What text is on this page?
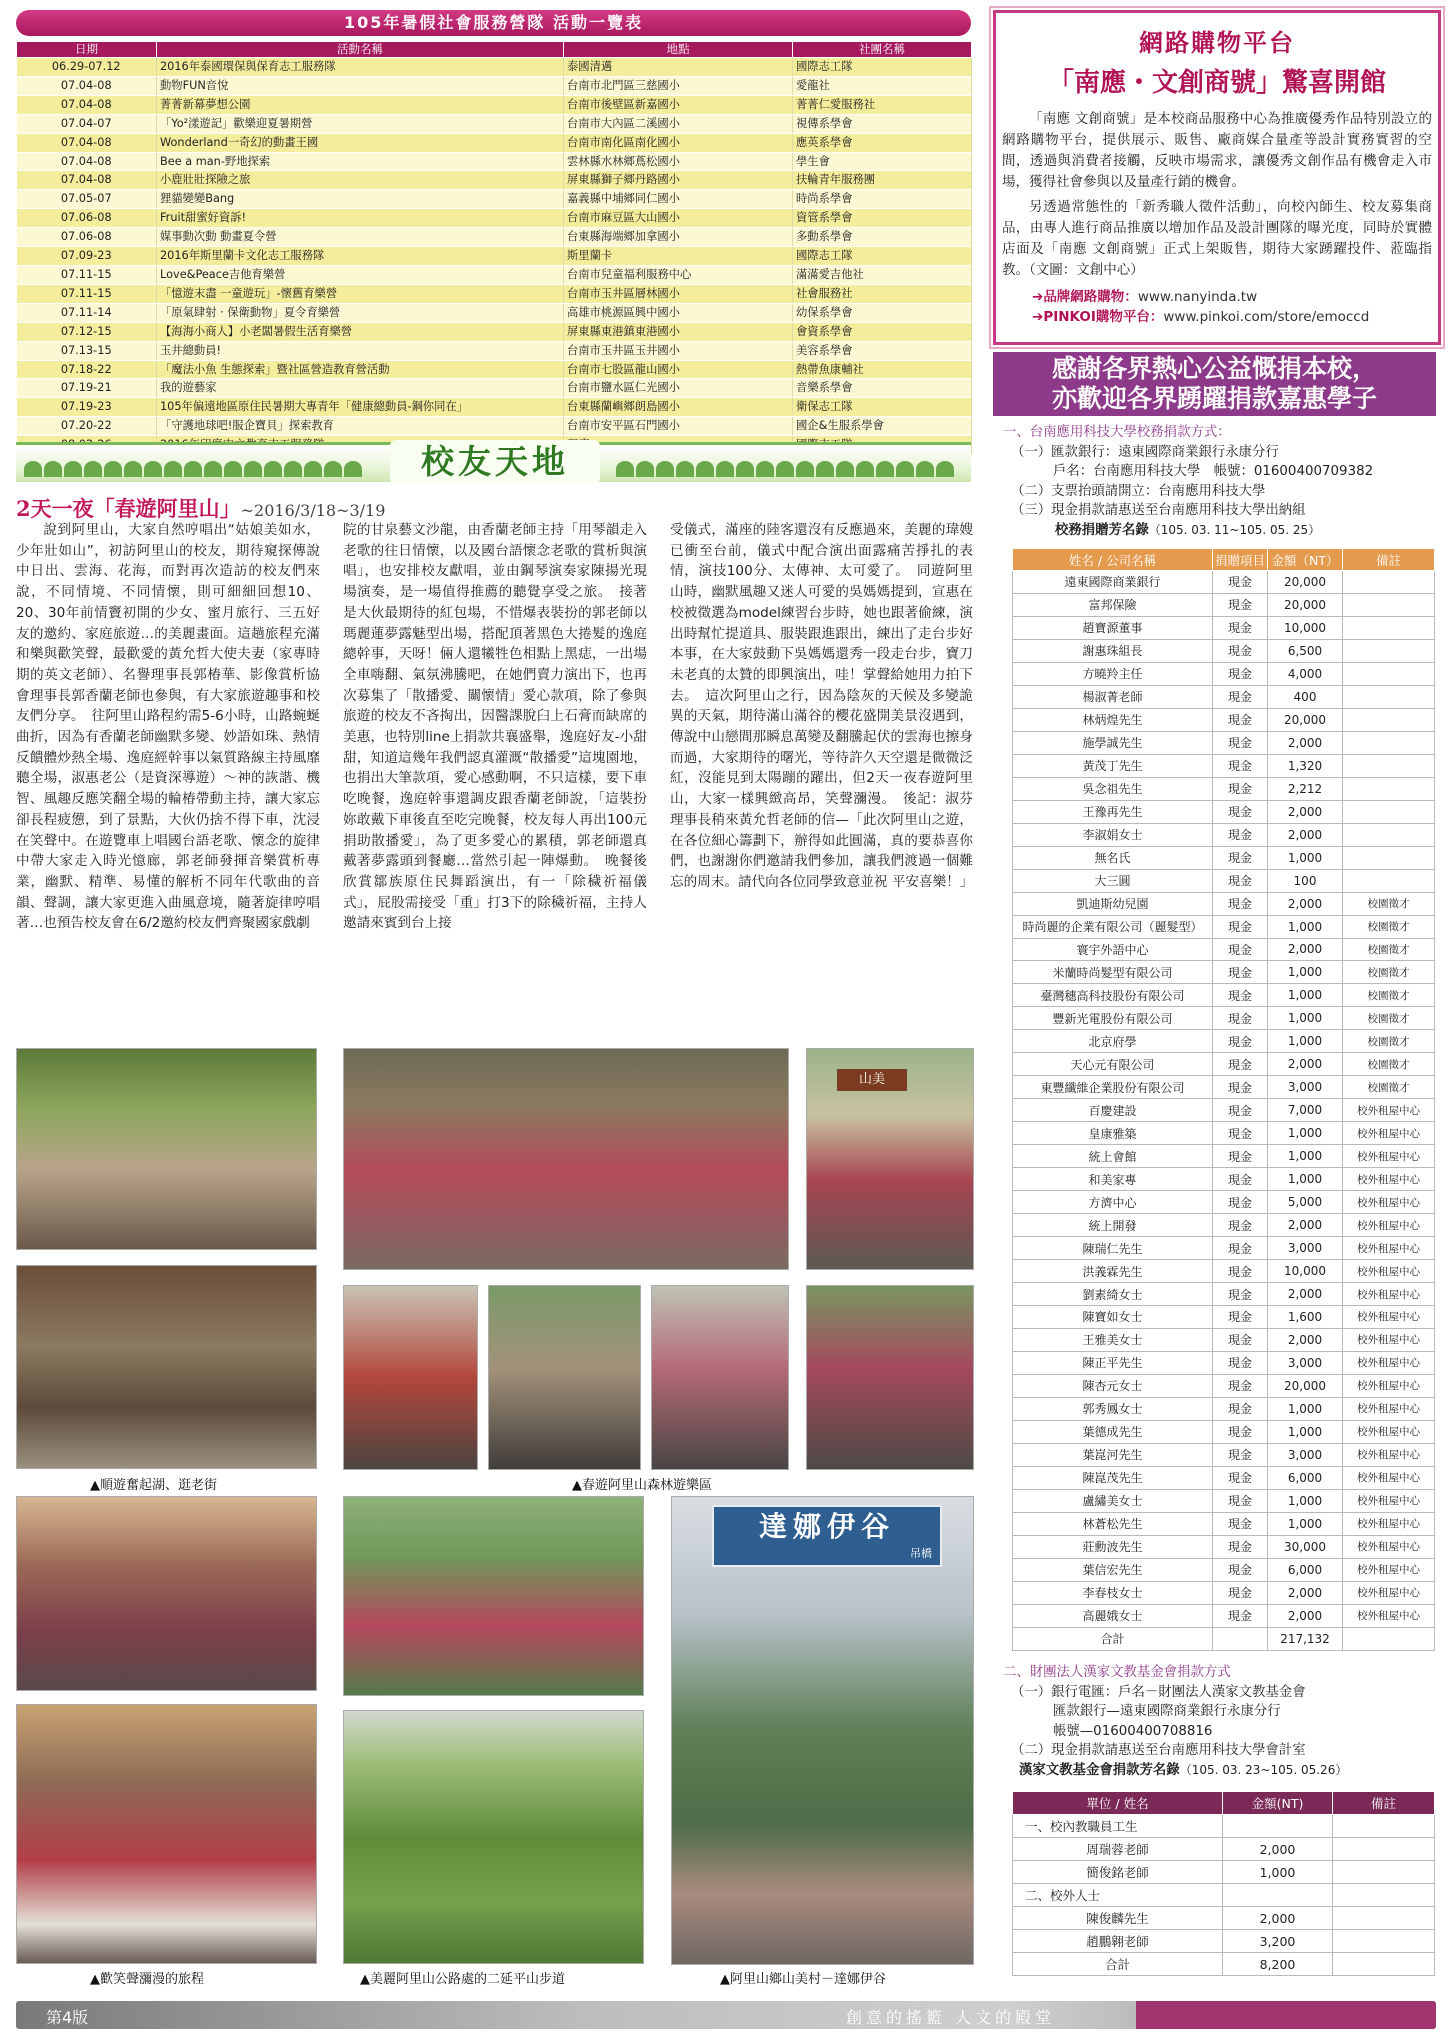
105年暑假社會服務營隊 活動一覽表
日期	活動名稱	地點	社團名稱
06.29-07.12	2016年泰國環保與保育志工服務隊	泰國清邁	國際志工隊
07.04-08	動物FUN音悅	台南市北門區三慈國小	愛龍社
07.04-08	菁菁新幕夢想公園	台南市後壁區新嘉國小	菁菁仁愛服務社
07.04-07	「Yo²漾遊記」歡樂迎夏暑期營	台南市大內區二溪國小	視傳系學會
07.04-08	Wonderland一奇幻的動畫王國	台南市南化區南化國小	應英系學會
07.04-08	Bee a man-野地探索	雲林縣水林鄉蔦松國小	學生會
07.04-08	小鹿壯壯探險之旅	屏東縣獅子鄉丹路國小	扶輪青年服務團
07.05-07	狸貓變變Bang	嘉義縣中埔鄉同仁國小	時尚系學會
07.06-08	Fruit甜蜜好資訴!	台南市麻豆區大山國小	資管系學會
07.06-08	媒事動次動 動畫夏令營	台東縣海端鄉加拿國小	多動系學會
07.09-23	2016年斯里蘭卡文化志工服務隊	斯里蘭卡	國際志工隊
07.11-15	Love&Peace吉他育樂營	台南市兒童福利服務中心	滿滿愛吉他社
07.11-15	「憶遊末盡 一童遊玩」-懷舊育樂營	台南市玉井區層林國小	社會服務社
07.11-14	「原氣肆射 · 保衛動物」夏令育樂營	高雄市桃源區興中國小	幼保系學會
07.12-15	【海海小商人】小老闆暑假生活育樂營	屏東縣東港鎮東港國小	會資系學會
07.13-15	玉井總動員!	台南市玉井區玉井國小	美容系學會
07.18-22	「魔法小魚 生態探索」暨社區營造教育營活動	台南市七股區龍山國小	熱帶魚康輔社
07.19-21	我的遊藝家	台南市鹽水區仁光國小	音樂系學會
07.19-23	105年偏遠地區原住民暑期大專青年「健康總動員-鋼你同在」	台東縣蘭嶼鄉朗島國小	衛保志工隊
07.20-22	「守護地球吧!服企寶貝」探索教育	台南市安平區石門國小	國企&生服系學會

校友天地
2天一夜「春遊阿里山」~2016/3/18~3/19
說到阿里山，大家自然哼唱出“姑娘美如水，少年壯如山”，初訪阿里山的校友，期待窺探傳說中日出、雲海、花海，而對再次造訪的校友們來說，不同情境、不同情懷，則可細細回想10、20、30年前情竇初開的少女、蜜月旅行、三五好友的邀約、家庭旅遊…的美麗畫面。這趟旅程充滿和樂與歡笑聲，最歡愛的黃允哲大使夫妻（家專時期的英文老師）、名譽理事長郭椿華、影像賞析協會理事長郭香蘭老師也參與，有大家旅遊趣事和校友們分享。　往阿里山路程約需5-6小時，山路蜿蜒曲折，因為有香蘭老師幽默多變、妙語如珠、熱情反饋體炒熱全場、逸庭經幹事以氣質路線主持風靡聽全場，淑惠老公（是資深導遊）～神的詼諧、機智、風趣反應笑翻全場的輪椿帶動主持，讓大家忘卻長程疲憊，到了景點，大伙仍捨不得下車，沈浸在笑聲中。在遊覽車上唱國台語老歌、懷念的旋律中帶大家走入時光憶廊，郭老師發揮音樂賞析專業，幽默、精準、易懂的解析不同年代歌曲的音韻、聲調，讓大家更進入曲風意境，隨著旋律哼唱著…也預告校友會在6/2邀約校友們齊聚國家戲劇
院的甘泉藝文沙龍，由香蘭老師主持「用琴韻走入老歌的往日情懷，以及國台語懷念老歌的賞析與演唱」，也安排校友獻唱，並由鋼琴演奏家陳揚光現場演奏，是一場值得推薦的聽覺享受之旅。　接著是大伙最期待的紅包場，不惜爆表裝扮的郭老師以瑪麗蓮夢露魅型出場，搭配頂著黑色大捲髮的逸庭總幹事，天呀！倆人還犧牲色相點上黑痣，一出場全車嗨翻、氣氛沸騰吧，在她們賣力演出下，也再次募集了「散播愛、關懷情」愛心款項，除了參與旅遊的校友不吝掏出，因醫課脫臼上石膏而缺席的美惠，也特別line上捐款共襄盛舉，逸庭好友-小甜甜，知道這幾年我們認真灌溉“散播愛”這塊園地，也捐出大筆款項，愛心感動啊，不只這樣，要下車吃晚餐，逸庭幹事還調皮跟香蘭老師說，「這裝扮妳敢戴下車後直至吃完晚餐，校友每人再出100元捐助散播愛」，為了更多愛心的累積，郭老師還真戴著夢露頭到餐廳…當然引起一陣爆動。　晚餐後欣賞鄒族原住民舞蹈演出，有一「除穢祈福儀式」，屁股需接受「重」打3下的除穢祈福，主持人邀請來賓到台上接
受儀式，滿座的陸客還沒有反應過來，美麗的瑋嫂已衝至台前，儀式中配合演出面露痛苦掙扎的表情，演技100分、太傳神、太可愛了。　同遊阿里山時，幽默風趣又迷人可愛的吳媽媽提到，宣惠在校被徵選為model練習台步時，她也跟著偷練，演出時幫忙提道具、服裝跟進跟出，練出了走台步好本事，在大家鼓動下吳媽媽還秀一段走台步，寶刀未老真的太贊的即興演出，哇！掌聲給她用力拍下去。　這次阿里山之行，因為陰灰的天候及多變詭異的天氣，期待滿山滿谷的櫻花盛開美景沒遇到，傳說中山戀間那瞬息萬變及翻騰起伏的雲海也擦身而過，大家期待的曙光，等待許久天空還是微微泛紅，沒能見到太陽蹦的躍出，但2天一夜春遊阿里山，大家一樣興緻高昂，笑聲瀰漫。　後記：淑芬理事長稍來黃允哲老師的信—「此次阿里山之遊，在各位細心籌劃下，辦得如此圓滿，真的要恭喜你們，也謝謝你們邀請我們參加，讓我們渡過一個難忘的周末。請代向各位同學致意並祝 平安喜樂！」
山美
▲順遊奮起湖、逛老街	▲春遊阿里山森林遊樂區
達娜伊谷
吊橋
▲歡笑聲瀰漫的旅程	▲美麗阿里山公路處的二延平山步道	▲阿里山鄉山美村－達娜伊谷
網路購物平台
「南應・文創商號」驚喜開館
「南應 文創商號」是本校商品服務中心為推廣優秀作品特別設立的網路購物平台，提供展示、販售、廠商媒合量產等設計實務實習的空間，透過與消費者接觸，反映市場需求，讓優秀文創作品有機會走入市場，獲得社會參與以及量產行銷的機會。
另透過常態性的「新秀職人徵件活動」，向校內師生、校友募集商品，由專人進行商品推廣以增加作品及設計團隊的曝光度，同時於實體店面及「南應 文創商號」正式上架販售，期待大家踴躍投件、蒞臨指教。（文圖：文創中心）
➔品牌網路購物：www.nanyinda.tw
➔PINKOI購物平台：www.pinkoi.com/store/emoccd
感謝各界熱心公益慨捐本校，
亦歡迎各界踴躍捐款嘉惠學子
一、台南應用科技大學校務捐款方式：
（一）匯款銀行：遠東國際商業銀行永康分行
戶名：台南應用科技大學　帳號：01600400709382
（二）支票抬頭請開立：台南應用科技大學
（三）現金捐款請惠送至台南應用科技大學出納組
校務捐贈芳名錄（105. 03. 11~105. 05. 25）
姓名 / 公司名稱	捐贈項目	金額（NT）	備註
遠東國際商業銀行	現金	20,000	
富邦保險	現金	20,000	
趙寶源董事	現金	10,000	
謝惠珠組長	現金	6,500	
方曉羚主任	現金	4,000	
楊淑菁老師	現金	400	
林炳煌先生	現金	20,000	
施學誠先生	現金	2,000	
黃茂丁先生	現金	1,320	
吳念祖先生	現金	2,212	
王豫再先生	現金	2,000	
李淑娟女士	現金	2,000	
無名氏	現金	1,000	
大三圓	現金	100	
凱迪斯幼兒園	現金	2,000	校園徵才
時尚麗的企業有限公司（麗髮型）	現金	1,000	校園徵才
寰宇外語中心	現金	2,000	校園徵才
米蘭時尚髮型有限公司	現金	1,000	校園徵才
臺灣穗高科技股份有限公司	現金	1,000	校園徵才
豐新光電股份有限公司	現金	1,000	校園徵才
北京府學	現金	1,000	校園徵才
天心元有限公司	現金	2,000	校園徵才
東豐纖維企業股份有限公司	現金	3,000	校園徵才
百慶建設	現金	7,000	校外租屋中心
皇康雅築	現金	1,000	校外租屋中心
統上會館	現金	1,000	校外租屋中心
和美家專	現金	1,000	校外租屋中心
方濟中心	現金	5,000	校外租屋中心
統上開發	現金	2,000	校外租屋中心
陳瑞仁先生	現金	3,000	校外租屋中心
洪義霖先生	現金	10,000	校外租屋中心
劉素綺女士	現金	2,000	校外租屋中心
陳寶如女士	現金	1,600	校外租屋中心
王雅美女士	現金	2,000	校外租屋中心
陳正平先生	現金	3,000	校外租屋中心
陳杏元女士	現金	20,000	校外租屋中心
郭秀鳳女士	現金	1,000	校外租屋中心
葉德成先生	現金	1,000	校外租屋中心
葉崑河先生	現金	3,000	校外租屋中心
陳崑茂先生	現金	6,000	校外租屋中心
盧繡美女士	現金	1,000	校外租屋中心
林蒼松先生	現金	1,000	校外租屋中心
莊勳波先生	現金	30,000	校外租屋中心
葉信宏先生	現金	6,000	校外租屋中心
李春枝女士	現金	2,000	校外租屋中心
高麗娥女士	現金	2,000	校外租屋中心
合計		217,132	
二、財團法人漢家文教基金會捐款方式
（一）銀行電匯：戶名－財團法人漢家文教基金會
匯款銀行—遠東國際商業銀行永康分行
帳號—01600400708816
（二）現金捐款請惠送至台南應用科技大學會計室
漢家文教基金會捐款芳名錄（105. 03. 23~105. 05.26）
單位 / 姓名	金額(NT)	備註
一、校內教職員工生		
周瑞蓉老師	2,000	
簡俊銘老師	1,000	
二、校外人士		
陳俊麟先生	2,000	
趙鵬翱老師	3,200	
合計	8,200	
第4版	創意的搖籃 人文的殿堂
